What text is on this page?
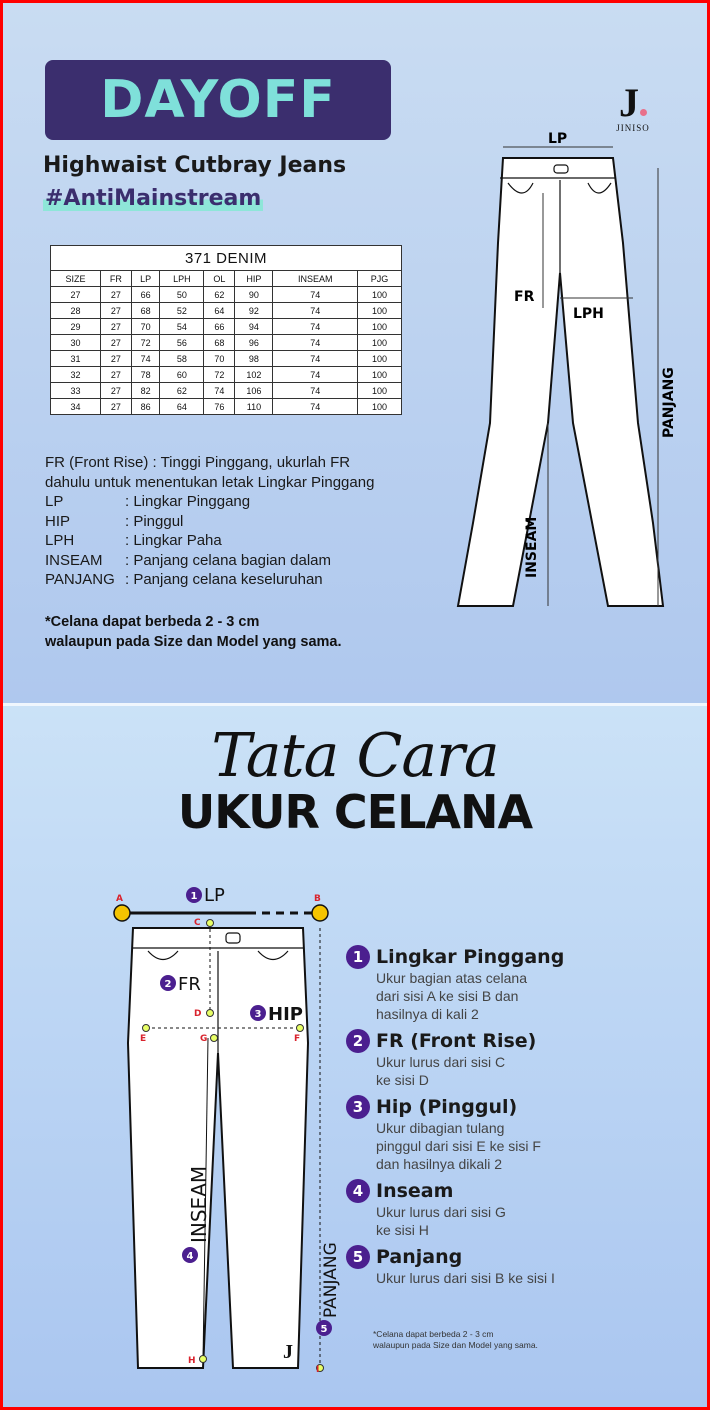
DAYOFF	J
JINISO
Highwaist Cutbray Jeans
#AntiMainstream
371 DENIM							
SIZE	FR	LP	LPH	OL	HIP	INSEAM	PJG
27	27	66	50	62	90	74	100
28	27	68	52	64	92	74	100
29	27	70	54	66	94	74	100
30	27	72	56	68	96	74	100
31	27	74	58	70	98	74	100
32	27	78	60	72	102	74	100
33	27	82	62	74	106	74	100
34	27	86	64	76	110	74	100
FR (Front Rise) : Tinggi Pinggang, ukurlah FR
dahulu untuk menentukan letak Lingkar Pinggang
LP	: Lingkar Pinggang
HIP	: Pinggul
LPH	: Lingkar Paha
INSEAM	: Panjang celana bagian dalam
PANJANG : Panjang celana keseluruhan
*Celana dapat berbeda 2 - 3 cm
walaupun pada Size dan Model yang sama.
LP
FR
LPH
PANJANG
INSEAM
Tata Cara
UKUR CELANA
A	B
C
D
E	F
G
H
I
1
2
3
4
5
LP
FR
HIP
INSEAM
PANJANG
J
1 Lingkar Pinggang
Ukur bagian atas celana
dari sisi A ke sisi B dan
hasilnya di kali 2
2 FR (Front Rise)
Ukur lurus dari sisi C
ke sisi D
3 Hip (Pinggul)
Ukur dibagian tulang
pinggul dari sisi E ke sisi F
dan hasilnya dikali 2
4 Inseam
Ukur lurus dari sisi G
ke sisi H
5 Panjang
Ukur lurus dari sisi B ke sisi I
*Celana dapat berbeda 2 - 3 cm
walaupun pada Size dan Model yang sama.
